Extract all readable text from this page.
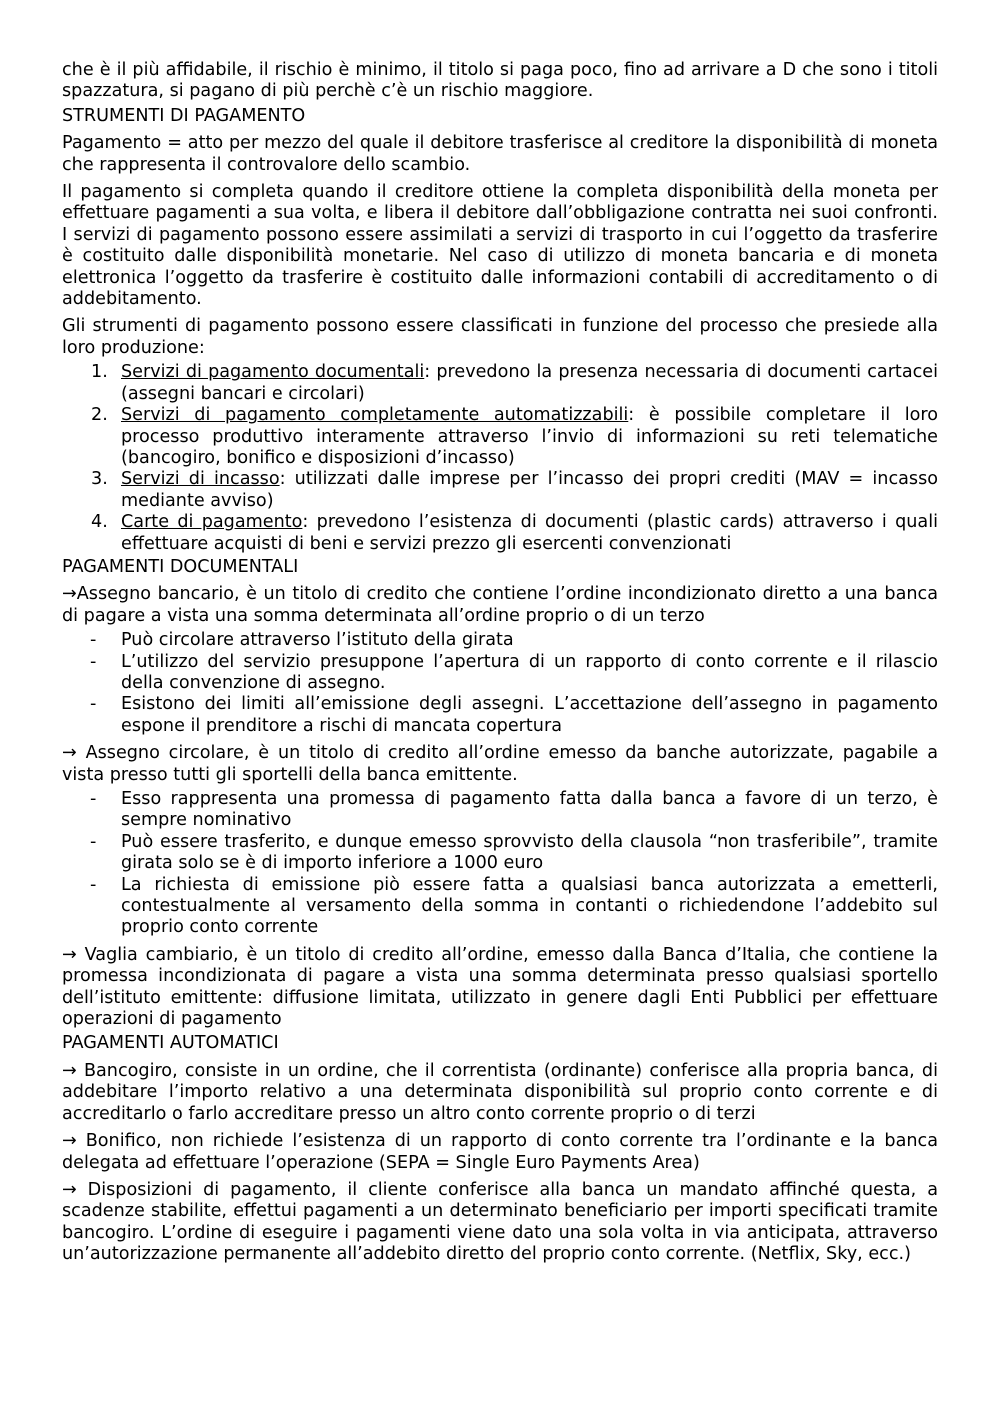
che è il più affidabile, il rischio è minimo, il titolo si paga poco, fino ad arrivare a D che sono i titoli spazzatura, si pagano di più perchè c’è un rischio maggiore.

STRUMENTI DI PAGAMENTO

Pagamento = atto per mezzo del quale il debitore trasferisce al creditore la disponibilità di moneta che rappresenta il controvalore dello scambio.

Il pagamento si completa quando il creditore ottiene la completa disponibilità della moneta per effettuare pagamenti a sua volta, e libera il debitore dall’obbligazione contratta nei suoi confronti. I servizi di pagamento possono essere assimilati a servizi di trasporto in cui l’oggetto da trasferire è costituito dalle disponibilità monetarie. Nel caso di utilizzo di moneta bancaria e di moneta elettronica l’oggetto da trasferire è costituito dalle informazioni contabili di accreditamento o di addebitamento.

Gli strumenti di pagamento possono essere classificati in funzione del processo che presiede alla loro produzione:

1. Servizi di pagamento documentali: prevedono la presenza necessaria di documenti cartacei (assegni bancari e circolari)
2. Servizi di pagamento completamente automatizzabili: è possibile completare il loro processo produttivo interamente attraverso l’invio di informazioni su reti telematiche (bancogiro, bonifico e disposizioni d’incasso)
3. Servizi di incasso: utilizzati dalle imprese per l’incasso dei propri crediti (MAV = incasso mediante avviso)
4. Carte di pagamento: prevedono l’esistenza di documenti (plastic cards) attraverso i quali effettuare acquisti di beni e servizi prezzo gli esercenti convenzionati
PAGAMENTI DOCUMENTALI

→Assegno bancario, è un titolo di credito che contiene l’ordine incondizionato diretto a una banca di pagare a vista una somma determinata all’ordine proprio o di un terzo

- Può circolare attraverso l’istituto della girata
- L’utilizzo del servizio presuppone l’apertura di un rapporto di conto corrente e il rilascio della convenzione di assegno.
- Esistono dei limiti all’emissione degli assegni. L’accettazione dell’assegno in pagamento espone il prenditore a rischi di mancata copertura

→ Assegno circolare, è un titolo di credito all’ordine emesso da banche autorizzate, pagabile a vista presso tutti gli sportelli della banca emittente.

- Esso rappresenta una promessa di pagamento fatta dalla banca a favore di un terzo, è sempre nominativo
- Può essere trasferito, e dunque emesso sprovvisto della clausola “non trasferibile”, tramite girata solo se è di importo inferiore a 1000 euro
- La richiesta di emissione piò essere fatta a qualsiasi banca autorizzata a emetterli, contestualmente al versamento della somma in contanti o richiedendone l’addebito sul proprio conto corrente

→ Vaglia cambiario, è un titolo di credito all’ordine, emesso dalla Banca d’Italia, che contiene la promessa incondizionata di pagare a vista una somma determinata presso qualsiasi sportello dell’istituto emittente: diffusione limitata, utilizzato in genere dagli Enti Pubblici per effettuare operazioni di pagamento

PAGAMENTI AUTOMATICI

→ Bancogiro, consiste in un ordine, che il correntista (ordinante) conferisce alla propria banca, di addebitare l’importo relativo a una determinata disponibilità sul proprio conto corrente e di accreditarlo o farlo accreditare presso un altro conto corrente proprio o di terzi

→ Bonifico, non richiede l’esistenza di un rapporto di conto corrente tra l’ordinante e la banca delegata ad effettuare l’operazione (SEPA = Single Euro Payments Area)

→ Disposizioni di pagamento, il cliente conferisce alla banca un mandato affinché questa, a scadenze stabilite, effettui pagamenti a un determinato beneficiario per importi specificati tramite bancogiro. L’ordine di eseguire i pagamenti viene dato una sola volta in via anticipata, attraverso un’autorizzazione permanente all’addebito diretto del proprio conto corrente. (Netflix, Sky, ecc.)
